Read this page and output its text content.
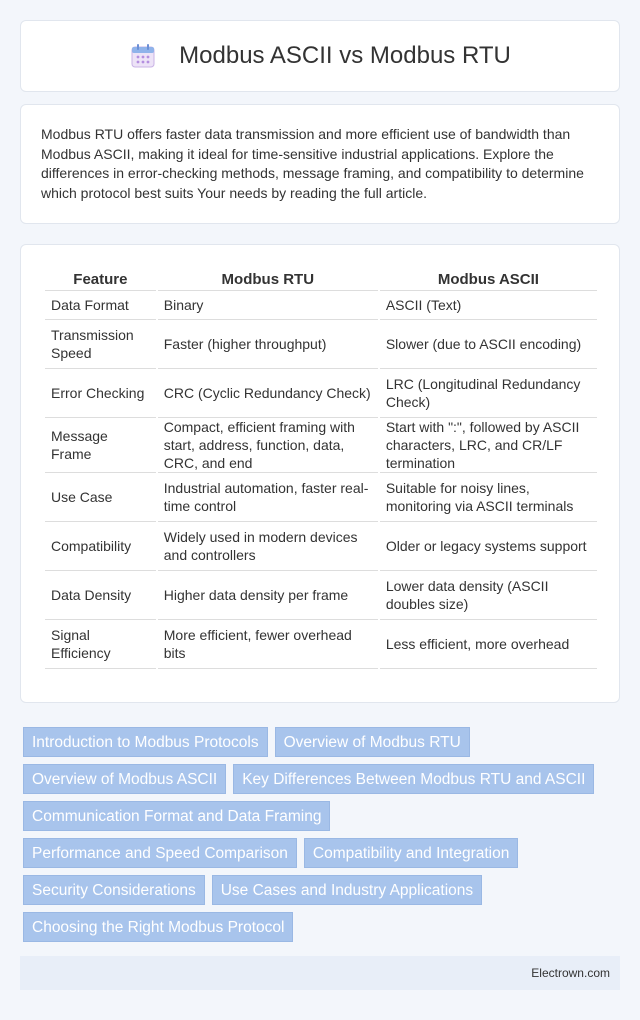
Modbus ASCII vs Modbus RTU

Modbus RTU offers faster data transmission and more efficient use of bandwidth than Modbus ASCII, making it ideal for time-sensitive industrial applications. Explore the differences in error-checking methods, message framing, and compatibility to determine which protocol best suits Your needs by reading the full article.

Feature	Modbus RTU	Modbus ASCII
Data Format	Binary	ASCII (Text)
Transmission Speed	Faster (higher throughput)	Slower (due to ASCII encoding)
Error Checking	CRC (Cyclic Redundancy Check)	LRC (Longitudinal Redundancy Check)
Message Frame	Compact, efficient framing with start, address, function, data, CRC, and end	Start with ":", followed by ASCII characters, LRC, and CR/LF termination
Use Case	Industrial automation, faster real-time control	Suitable for noisy lines, monitoring via ASCII terminals
Compatibility	Widely used in modern devices and controllers	Older or legacy systems support
Data Density	Higher data density per frame	Lower data density (ASCII doubles size)
Signal Efficiency	More efficient, fewer overhead bits	Less efficient, more overhead
Introduction to Modbus Protocols	Overview of Modbus RTU
Overview of Modbus ASCII	Key Differences Between Modbus RTU and ASCII
Communication Format and Data Framing
Performance and Speed Comparison	Compatibility and Integration
Security Considerations	Use Cases and Industry Applications
Choosing the Right Modbus Protocol
Electrown.com
